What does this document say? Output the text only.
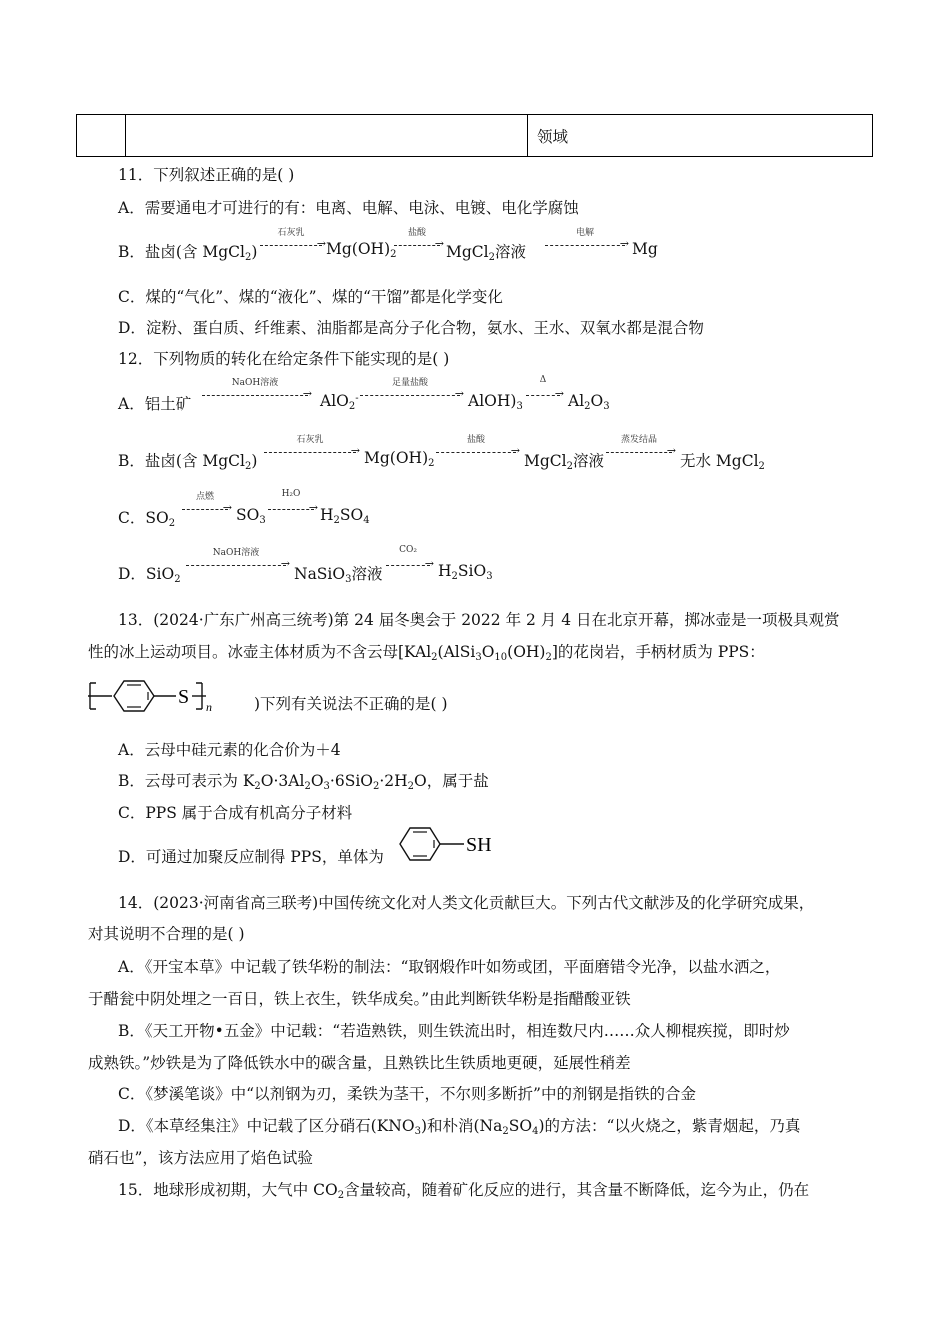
领域
11．下列叙述正确的是( )
A．需要通电才可进行的有：电离、电解、电泳、电镀、电化学腐蚀
B．盐卤(含 MgCl$_2$)
石灰乳
→ $Mg(OH)_2$
盐酸
→ MgCl$_2$溶液
电解
→ Mg
C．煤的“气化”、煤的“液化”、煤的“干馏”都是化学变化
D．淀粉、蛋白质、纤维素、油脂都是高分子化合物，氨水、王水、双氧水都是混合物
12．下列物质的转化在给定条件下能实现的是( )
A．铝土矿
NaOH溶液
→ AlO$_2$-
足量盐酸
→ $AlOH)_3$
Δ
→ $Al_2O_3$
B．盐卤(含 MgCl$_2$)
石灰乳
→ $Mg(OH)_2$
盐酸
→
MgCl$_2$溶液
蒸发结晶
→
无水 MgCl$_2$
C．$SO_2$
点燃
→ $SO_3$
H₂O
→ $H_2SO_4$
D．SiO$_2$
NaOH溶液
→
NaSiO$_3$溶液
CO₂
→ $H_2SiO_3$
13．(2024·广东广州高三统考)第 24 届冬奥会于 2022 年 2 月 4 日在北京开幕，掷冰壶是一项极具观赏
性的冰上运动项目。冰壶主体材质为不含云母[$KAl_2(AlSi_3O_{10}(OH)_2]$的花岗岩，手柄材质为 PPS：
S n	)下列有关说法不正确的是( )
A．云母中硅元素的化合价为＋4
B．云母可表示为 $K_2O\cdot 3Al_2O_3\cdot 6SiO_2\cdot 2H_2O$，属于盐
C．PPS 属于合成有机高分子材料
D．可通过加聚反应制得 PPS，单体为
SH
14．(2023·河南省高三联考)中国传统文化对人类文化贡献巨大。下列古代文献涉及的化学研究成果，
对其说明不合理的是( )
A．《开宝本草》中记载了铁华粉的制法：“取钢煅作叶如笏或团，平面磨错令光净，以盐水洒之，
于醋瓮中阴处埋之一百日，铁上衣生，铁华成矣。”由此判断铁华粉是指醋酸亚铁
B．《天工开物•五金》中记载：“若造熟铁，则生铁流出时，相连数尺内……众人柳棍疾搅，即时炒
成熟铁。”炒铁是为了降低铁水中的碳含量，且熟铁比生铁质地更硬，延展性稍差
C．《梦溪笔谈》中“以剂钢为刃，柔铁为茎干，不尔则多断折”中的剂钢是指铁的合金
D．《本草经集注》中记载了区分硝石$(KNO_3)$和朴消$(Na_2SO_4)$的方法：“以火烧之，紫青烟起，乃真
硝石也”，该方法应用了焰色试验
15．地球形成初期，大气中 $CO_2$含量较高，随着矿化反应的进行，其含量不断降低，迄今为止，仍在
